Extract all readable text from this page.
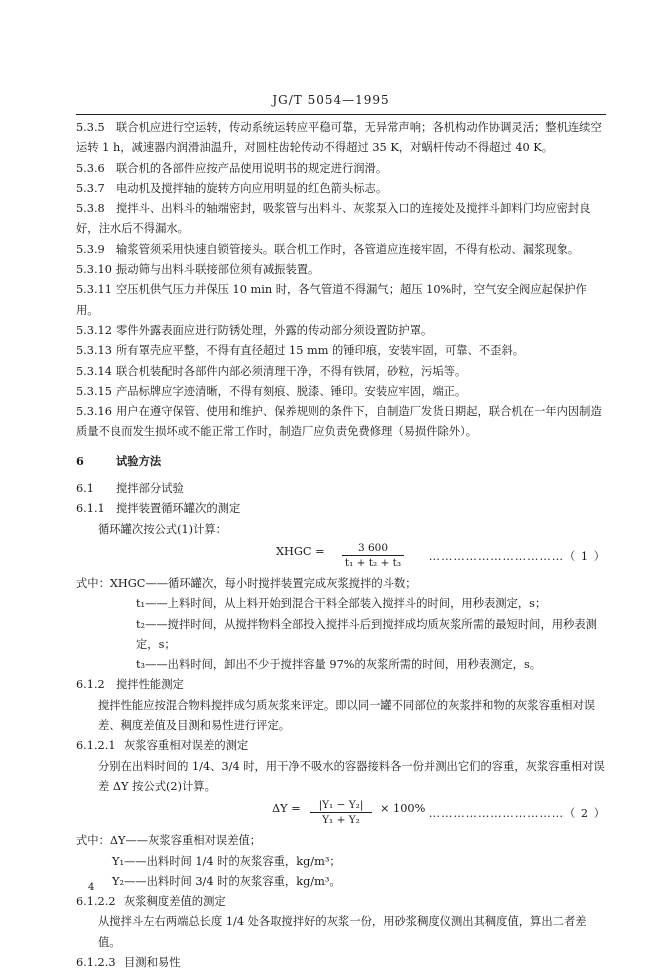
JG/T 5054—1995

5.3.5 联合机应进行空运转，传动系统运转应平稳可靠，无异常声响；各机构动作协调灵活；整机连续空运转 1 h，减速器内润滑油温升，对圆柱齿轮传动不得超过 35 K，对蜗杆传动不得超过 40 K。

5.3.6 联合机的各部件应按产品使用说明书的规定进行润滑。

5.3.7 电动机及搅拌轴的旋转方向应用明显的红色箭头标志。

5.3.8 搅拌斗、出料斗的轴端密封，吸浆管与出料斗、灰浆泵入口的连接处及搅拌斗卸料门均应密封良好，注水后不得漏水。

5.3.9 输浆管须采用快速自锁管接头。联合机工作时，各管道应连接牢固，不得有松动、漏浆现象。

5.3.10 振动筛与出料斗联接部位须有减振装置。

5.3.11 空压机供气压力并保压 10 min 时，各气管道不得漏气；超压 10%时，空气安全阀应起保护作用。

5.3.12 零件外露表面应进行防锈处理，外露的传动部分须设置防护罩。

5.3.13 所有罩壳应平整，不得有直径超过 15 mm 的锤印痕，安装牢固，可靠、不歪斜。

5.3.14 联合机装配时各部件内部必须清理干净，不得有铁屑，砂粒，污垢等。

5.3.15 产品标牌应字迹清晰，不得有刻痕、脱漆、锤印。安装应牢固，端正。

5.3.16 用户在遵守保管、使用和维护、保养规则的条件下，自制造厂发货日期起，联合机在一年内因制造质量不良而发生损坏或不能正常工作时，制造厂应负责免费修理（易损件除外）。

6	试验方法

6.1 搅拌部分试验

6.1.1 搅拌装置循环罐次的测定

循环罐次按公式(1)计算：

XHGC = $\frac{3 600}{\text{t₁ + t₂ + t₃}}$ ……………………………（ 1 ）
式中：XHGC——循环罐次，每小时搅拌装置完成灰浆搅拌的斗数；
t₁——上料时间，从上料开始到混合干料全部装入搅拌斗的时间，用秒表测定，s；
t₂——搅拌时间，从搅拌物料全部投入搅拌斗后到搅拌成均质灰浆所需的最短时间，用秒表测定，s；
t₃——出料时间，卸出不少于搅拌容量 97%的灰浆所需的时间，用秒表测定，s。

6.1.2 搅拌性能测定

搅拌性能应按混合物料搅拌成匀质灰浆来评定。即以同一罐不同部位的灰浆拌和物的灰浆容重相对误差、稠度差值及目测和易性进行评定。

6.1.2.1 灰浆容重相对误差的测定

分别在出料时间的 1/4、3/4 时，用干净不吸水的容器接料各一份并测出它们的容重，灰浆容重相对误差 ΔY 按公式(2)计算。

$\Delta Y = \frac{\text{|Y₁ − Y₂|}}{\text{Y₁ + Y₂}} \times 100\%$ ……………………………（ 2 ）
式中：ΔY——灰浆容重相对误差值；
Y₁——出料时间 1/4 时的灰浆容重，kg/m³；
Y₂——出料时间 3/4 时的灰浆容重，kg/m³。

6.1.2.2 灰浆稠度差值的测定

从搅拌斗左右两端总长度 1/4 处各取搅拌好的灰浆一份，用砂浆稠度仪测出其稠度值，算出二者差值。

6.1.2.3 目测和易性

4
